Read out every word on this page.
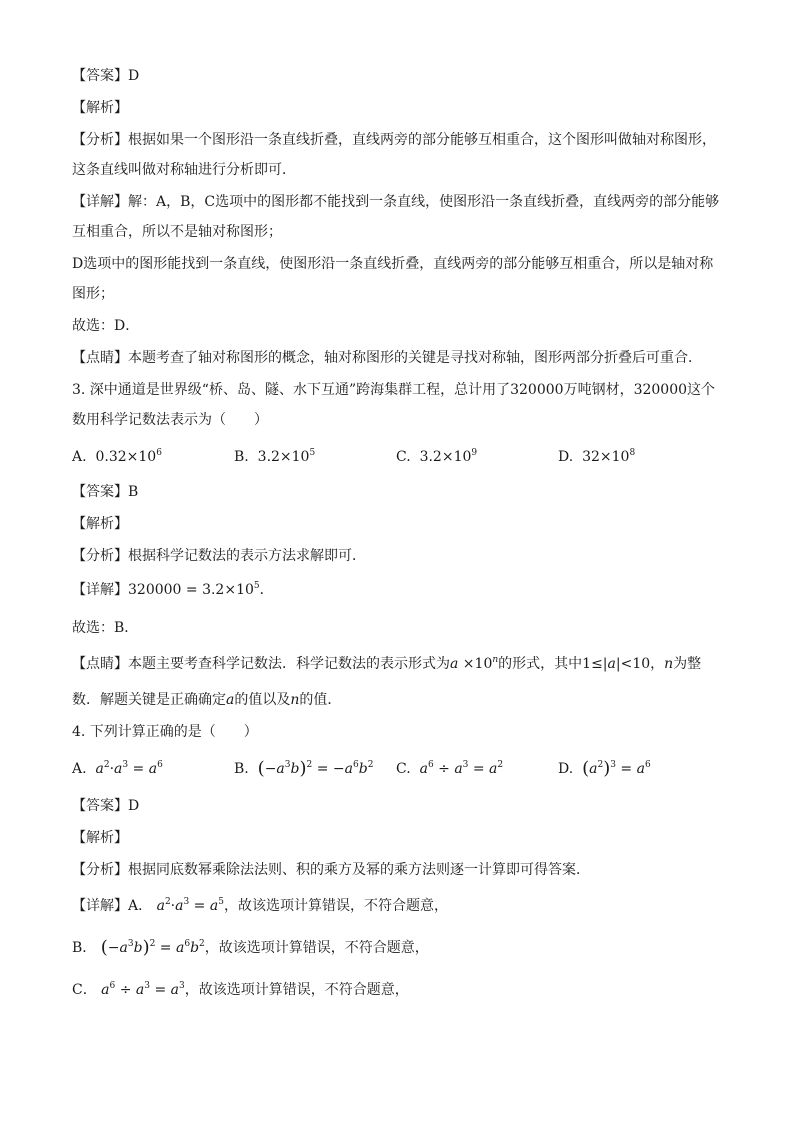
【答案】D
【解析】
【分析】根据如果一个图形沿一条直线折叠，直线两旁的部分能够互相重合，这个图形叫做轴对称图形，
这条直线叫做对称轴进行分析即可．
【详解】解：A，B，C选项中的图形都不能找到一条直线，使图形沿一条直线折叠，直线两旁的部分能够
互相重合，所以不是轴对称图形；
D选项中的图形能找到一条直线，使图形沿一条直线折叠，直线两旁的部分能够互相重合，所以是轴对称
图形；
故选：D．
【点睛】本题考查了轴对称图形的概念，轴对称图形的关键是寻找对称轴，图形两部分折叠后可重合．
3. 深中通道是世界级“桥、岛、隧、水下互通”跨海集群工程，总计用了320000万吨钢材，320000这个
数用科学记数法表示为（　　）
A. $0.32\times 10^6$	B. $3.2\times 10^5$	C. $3.2\times 10^9$	D. $32\times 10^8$
【答案】B
【解析】
【分析】根据科学记数法的表示方法求解即可．
【详解】$320000 = 3.2\times 10^5$．
故选：B．
【点睛】本题主要考查科学记数法．科学记数法的表示形式为$a \times 10^n$的形式，其中1≤|a|<10，n为整
数．解题关键是正确确定a的值以及n的值．
4. 下列计算正确的是（　　）
A. $a^2\cdot a^3 = a^6$	B. $(-a^3b)^2 = -a^6b^2$ C. $a^6 \div a^3 = a^2$	D. $(a^2)^3 = a^6$
【答案】D
【解析】
【分析】根据同底数幂乘除法法则、积的乘方及幂的乘方法则逐一计算即可得答案．
【详解】A． $a^2\cdot a^3 = a^5$，故该选项计算错误，不符合题意，
B． $(-a^3b)^2 = a^6b^2$，故该选项计算错误，不符合题意，
C． $a^6 \div a^3 = a^3$，故该选项计算错误，不符合题意，
